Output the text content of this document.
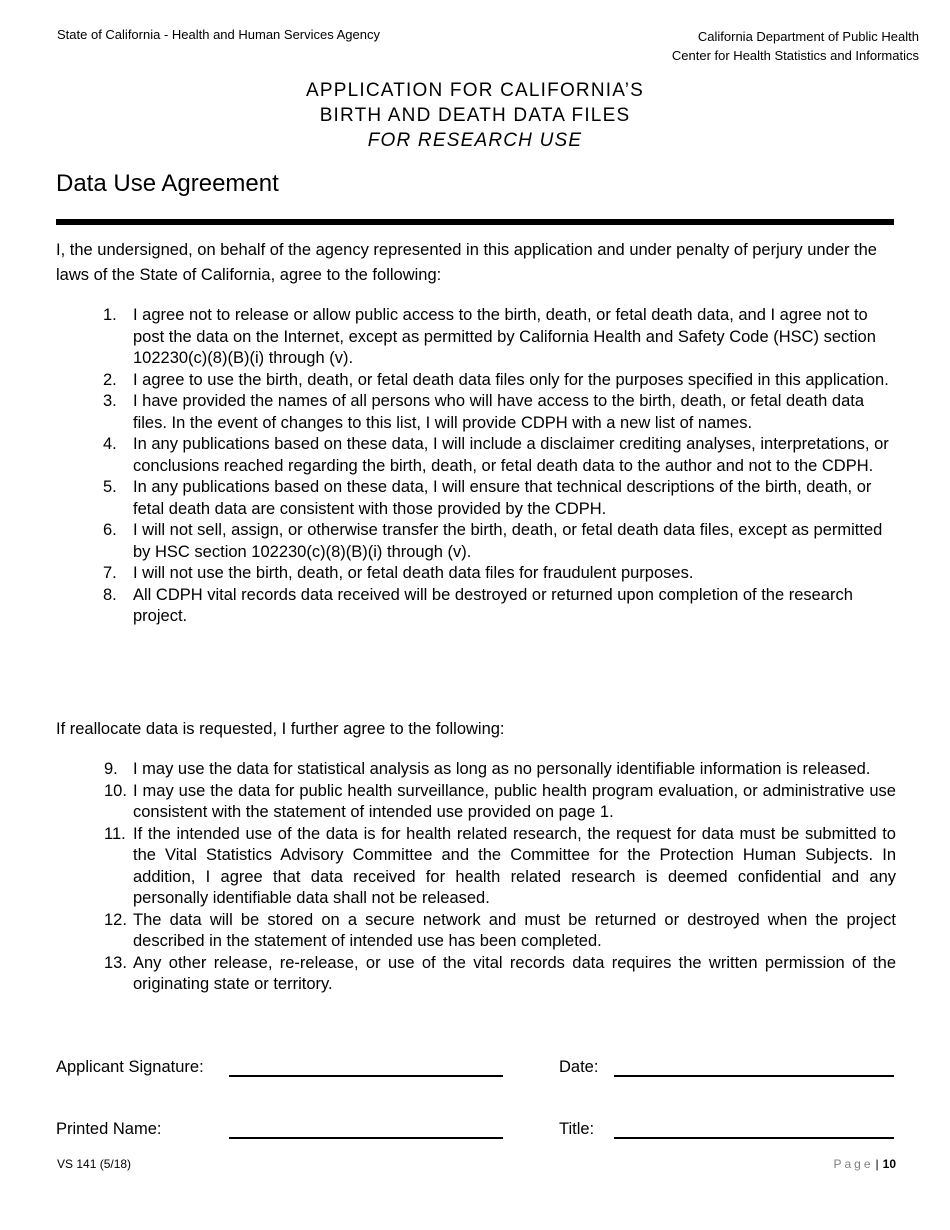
State of California - Health and Human Services Agency	California Department of Public Health
Center for Health Statistics and Informatics
APPLICATION FOR CALIFORNIA’S
BIRTH AND DEATH DATA FILES
FOR RESEARCH USE
Data Use Agreement
I, the undersigned, on behalf of the agency represented in this application and under penalty of perjury under the laws of the State of California, agree to the following:
1. I agree not to release or allow public access to the birth, death, or fetal death data, and I agree not to post the data on the Internet, except as permitted by California Health and Safety Code (HSC) section 102230(c)(8)(B)(i) through (v).
2. I agree to use the birth, death, or fetal death data files only for the purposes specified in this application.
3. I have provided the names of all persons who will have access to the birth, death, or fetal death data files. In the event of changes to this list, I will provide CDPH with a new list of names.
4. In any publications based on these data, I will include a disclaimer crediting analyses, interpretations, or conclusions reached regarding the birth, death, or fetal death data to the author and not to the CDPH.
5. In any publications based on these data, I will ensure that technical descriptions of the birth, death, or fetal death data are consistent with those provided by the CDPH.
6. I will not sell, assign, or otherwise transfer the birth, death, or fetal death data files, except as permitted by HSC section 102230(c)(8)(B)(i) through (v).
7. I will not use the birth, death, or fetal death data files for fraudulent purposes.
8. All CDPH vital records data received will be destroyed or returned upon completion of the research project.
If reallocate data is requested, I further agree to the following:
9. I may use the data for statistical analysis as long as no personally identifiable information is released.
10. I may use the data for public health surveillance, public health program evaluation, or administrative use consistent with the statement of intended use provided on page 1.
11. If the intended use of the data is for health related research, the request for data must be submitted to the Vital Statistics Advisory Committee and the Committee for the Protection Human Subjects. In addition, I agree that data received for health related research is deemed confidential and any personally identifiable data shall not be released.
12. The data will be stored on a secure network and must be returned or destroyed when the project described in the statement of intended use has been completed.
13. Any other release, re-release, or use of the vital records data requires the written permission of the originating state or territory.
Applicant Signature:	Date:
Printed Name:	Title:
VS 141 (5/18)	Page | 10
